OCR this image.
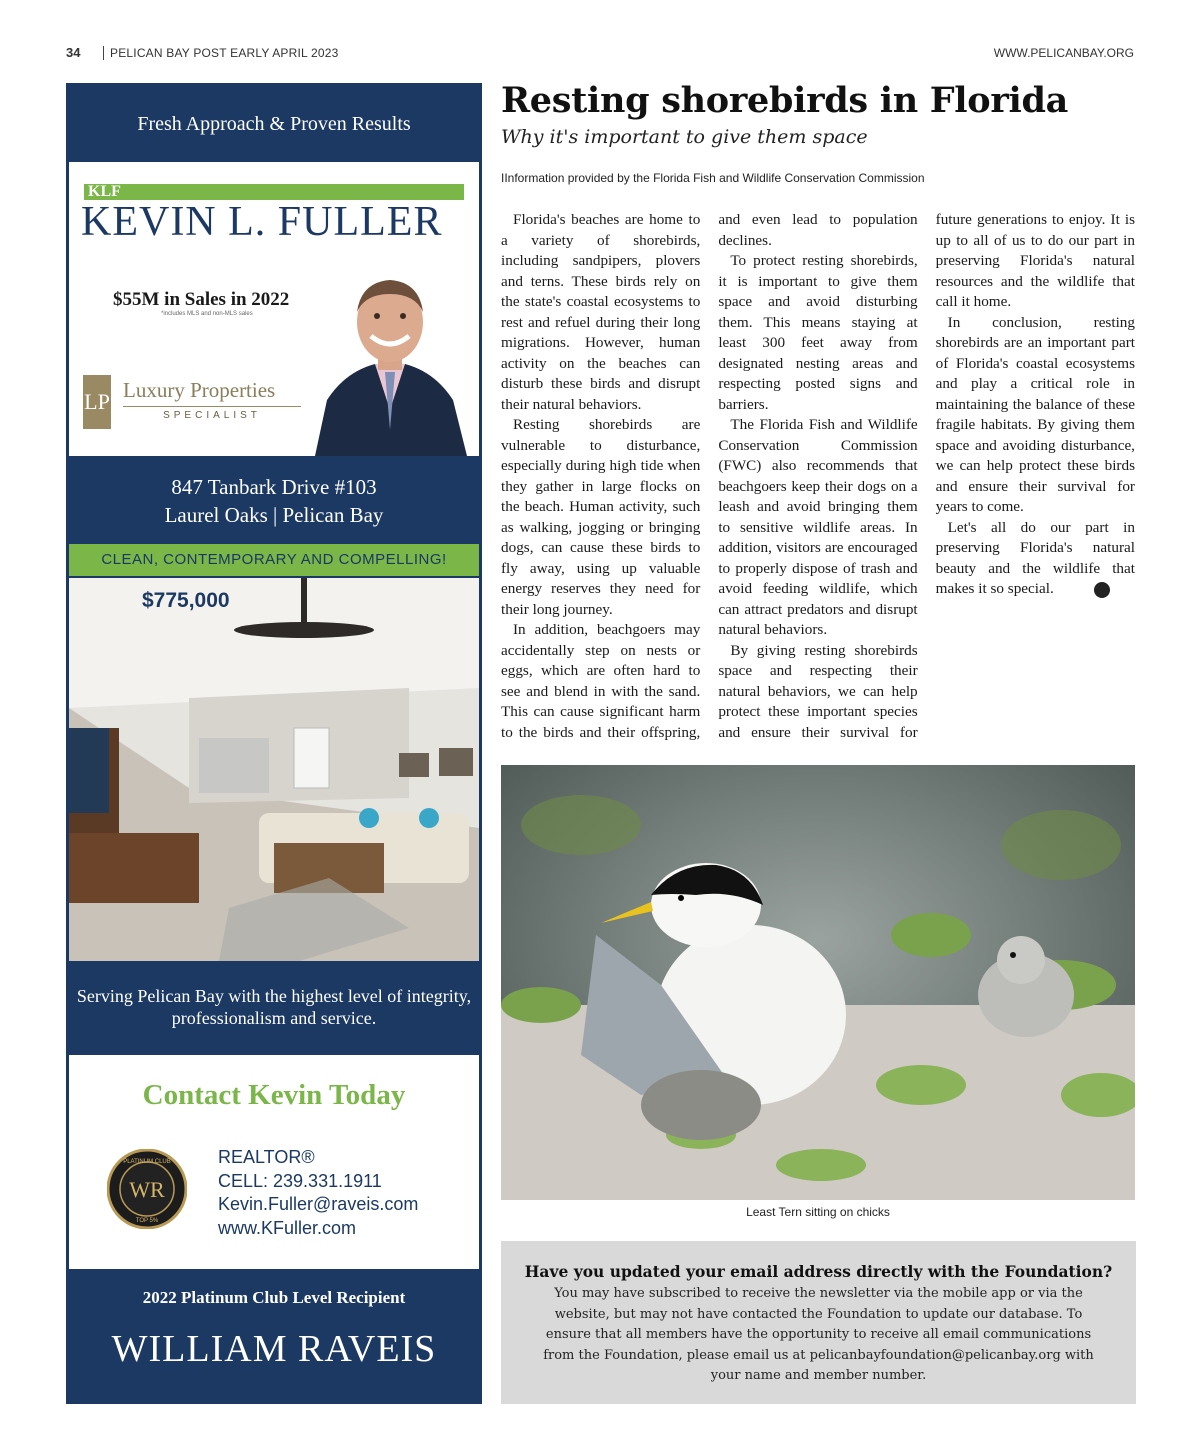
34 PELICAN BAY POST EARLY APRIL 2023	WWW.PELICANBAY.ORG
Fresh Approach & Proven Results
KLF
KEVIN L. FULLER
$55M in Sales in 2022
*includes MLS and non-MLS sales
LP Luxury Properties
SPECIALIST
847 Tanbark Drive #103
Laurel Oaks | Pelican Bay
CLEAN, CONTEMPORARY AND COMPELLING!
$775,000
Serving Pelican Bay with the highest level of integrity, professionalism and service.
Contact Kevin Today
WR
PLATINUM CLUB
TOP 5%
REALTOR®
CELL: 239.331.1911
Kevin.Fuller@raveis.com
www.KFuller.com
2022 Platinum Club Level Recipient
WILLIAM RAVEIS
Resting shorebirds in Florida
Why it's important to give them space
IInformation provided by the Florida Fish and Wildlife Conservation Commission

Florida's beaches are home to a variety of shorebirds, including sandpipers, plovers and terns. These birds rely on the state's coastal ecosystems to rest and refuel during their long migrations. However, human activity on the beaches can disturb these birds and disrupt their natural behaviors.

Resting shorebirds are vulnerable to disturbance, especially during high tide when they gather in large flocks on the beach. Human activity, such as walking, jogging or bringing dogs, can cause these birds to fly away, using up valuable energy reserves they need for their long journey.

In addition, beachgoers may accidentally step on nests or eggs, which are often hard to see and blend in with the sand. This can cause significant harm to the birds and their offspring, and even lead to population declines.

To protect resting shorebirds, it is important to give them space and avoid disturbing them. This means staying at least 300 feet away from designated nesting areas and respecting posted signs and barriers.

The Florida Fish and Wildlife Conservation Commission (FWC) also recommends that beachgoers keep their dogs on a leash and avoid bringing them to sensitive wildlife areas. In addition, visitors are encouraged to properly dispose of trash and avoid feeding wildlife, which can attract predators and disrupt natural behaviors.

By giving resting shorebirds space and respecting their natural behaviors, we can help protect these important species and ensure their survival for future generations to enjoy. It is up to all of us to do our part in preserving Florida's natural resources and the wildlife that call it home.

In conclusion, resting shorebirds are an important part of Florida's coastal ecosystems and play a critical role in maintaining the balance of these fragile habitats. By giving them space and avoiding disturbance, we can help protect these birds and ensure their survival for years to come.

Let's all do our part in preserving Florida's natural beauty and the wildlife that makes it so special.

Least Tern sitting on chicks
Have you updated your email address directly with the Foundation?
You may have subscribed to receive the newsletter via the mobile app or via the website, but may not have contacted the Foundation to update our database. To ensure that all members have the opportunity to receive all email communications from the Foundation, please email us at pelicanbayfoundation@pelicanbay.org with your name and member number.
